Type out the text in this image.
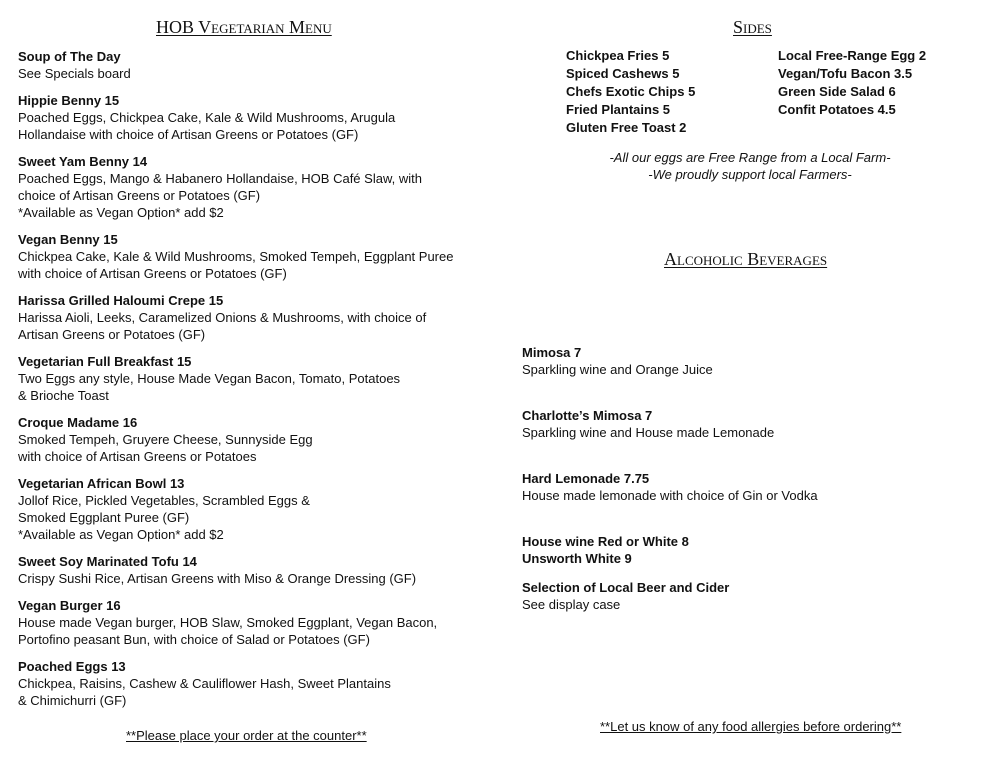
HOB Vegetarian Menu
Soup of The Day
See Specials board
Hippie Benny 15
Poached Eggs, Chickpea Cake, Kale & Wild Mushrooms, Arugula
Hollandaise with choice of Artisan Greens or Potatoes (GF)
Sweet Yam Benny 14
Poached Eggs, Mango & Habanero Hollandaise, HOB Café Slaw, with
choice of Artisan Greens or Potatoes (GF)
*Available as Vegan Option* add $2
Vegan Benny 15
Chickpea Cake, Kale & Wild Mushrooms, Smoked Tempeh, Eggplant Puree
with choice of Artisan Greens or Potatoes (GF)
Harissa Grilled Haloumi Crepe 15
Harissa Aioli, Leeks, Caramelized Onions & Mushrooms, with choice of
Artisan Greens or Potatoes (GF)
Vegetarian Full Breakfast 15
Two Eggs any style, House Made Vegan Bacon, Tomato, Potatoes
& Brioche Toast
Croque Madame 16
Smoked Tempeh, Gruyere Cheese, Sunnyside Egg
with choice of Artisan Greens or Potatoes
Vegetarian African Bowl 13
Jollof Rice, Pickled Vegetables, Scrambled Eggs &
Smoked Eggplant Puree (GF)
*Available as Vegan Option* add $2
Sweet Soy Marinated Tofu 14
Crispy Sushi Rice, Artisan Greens with Miso & Orange Dressing (GF)
Vegan Burger 16
House made Vegan burger, HOB Slaw, Smoked Eggplant, Vegan Bacon,
Portofino peasant Bun, with choice of Salad or Potatoes (GF)
Poached Eggs 13
Chickpea, Raisins, Cashew & Cauliflower Hash, Sweet Plantains
& Chimichurri (GF)
**Please place your order at the counter**
Sides
Chickpea Fries 5
Spiced Cashews 5
Chefs Exotic Chips 5
Fried Plantains 5
Gluten Free Toast 2
Local Free-Range Egg 2
Vegan/Tofu Bacon 3.5
Green Side Salad 6
Confit Potatoes 4.5
-All our eggs are Free Range from a Local Farm-
-We proudly support local Farmers-
Alcoholic Beverages
Mimosa 7
Sparkling wine and Orange Juice
Charlotte’s Mimosa 7
Sparkling wine and House made Lemonade
Hard Lemonade 7.75
House made lemonade with choice of Gin or Vodka
House wine Red or White 8
Unsworth White 9
Selection of Local Beer and Cider
See display case
**Let us know of any food allergies before ordering**
